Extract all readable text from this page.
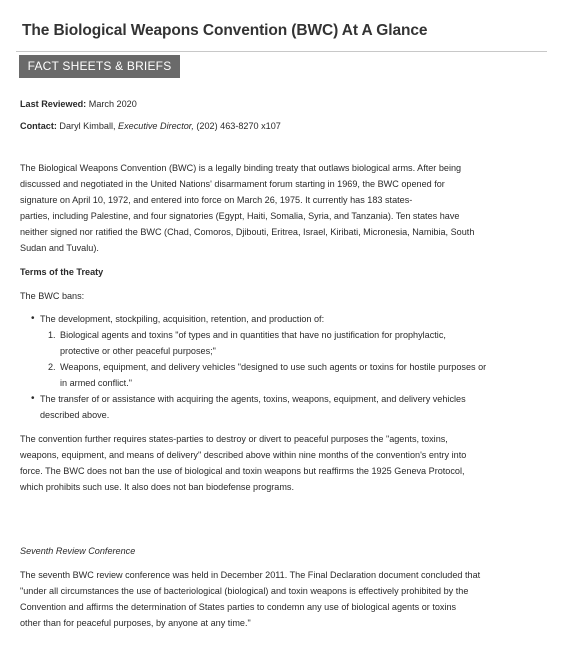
The Biological Weapons Convention (BWC) At A Glance
FACT SHEETS & BRIEFS

Last Reviewed: March 2020

Contact: Daryl Kimball, Executive Director, (202) 463-8270 x107

The Biological Weapons Convention (BWC) is a legally binding treaty that outlaws biological arms. After being
discussed and negotiated in the United Nations' disarmament forum starting in 1969, the BWC opened for
signature on April 10, 1972, and entered into force on March 26, 1975. It currently has 183 states-
parties, including Palestine, and four signatories (Egypt, Haiti, Somalia, Syria, and Tanzania). Ten states have
neither signed nor ratified the BWC (Chad, Comoros, Djibouti, Eritrea, Israel, Kiribati, Micronesia, Namibia, South
Sudan and Tuvalu).

Terms of the Treaty

The BWC bans:

• The development, stockpiling, acquisition, retention, and production of:
1. Biological agents and toxins "of types and in quantities that have no justification for prophylactic,
protective or other peaceful purposes;"
2. Weapons, equipment, and delivery vehicles "designed to use such agents or toxins for hostile purposes or
in armed conflict."
• The transfer of or assistance with acquiring the agents, toxins, weapons, equipment, and delivery vehicles
described above.

The convention further requires states-parties to destroy or divert to peaceful purposes the "agents, toxins,
weapons, equipment, and means of delivery" described above within nine months of the convention's entry into
force. The BWC does not ban the use of biological and toxin weapons but reaffirms the 1925 Geneva Protocol,
which prohibits such use. It also does not ban biodefense programs.

Seventh Review Conference

The seventh BWC review conference was held in December 2011. The Final Declaration document concluded that
"under all circumstances the use of bacteriological (biological) and toxin weapons is effectively prohibited by the
Convention and affirms the determination of States parties to condemn any use of biological agents or toxins
other than for peaceful purposes, by anyone at any time."
